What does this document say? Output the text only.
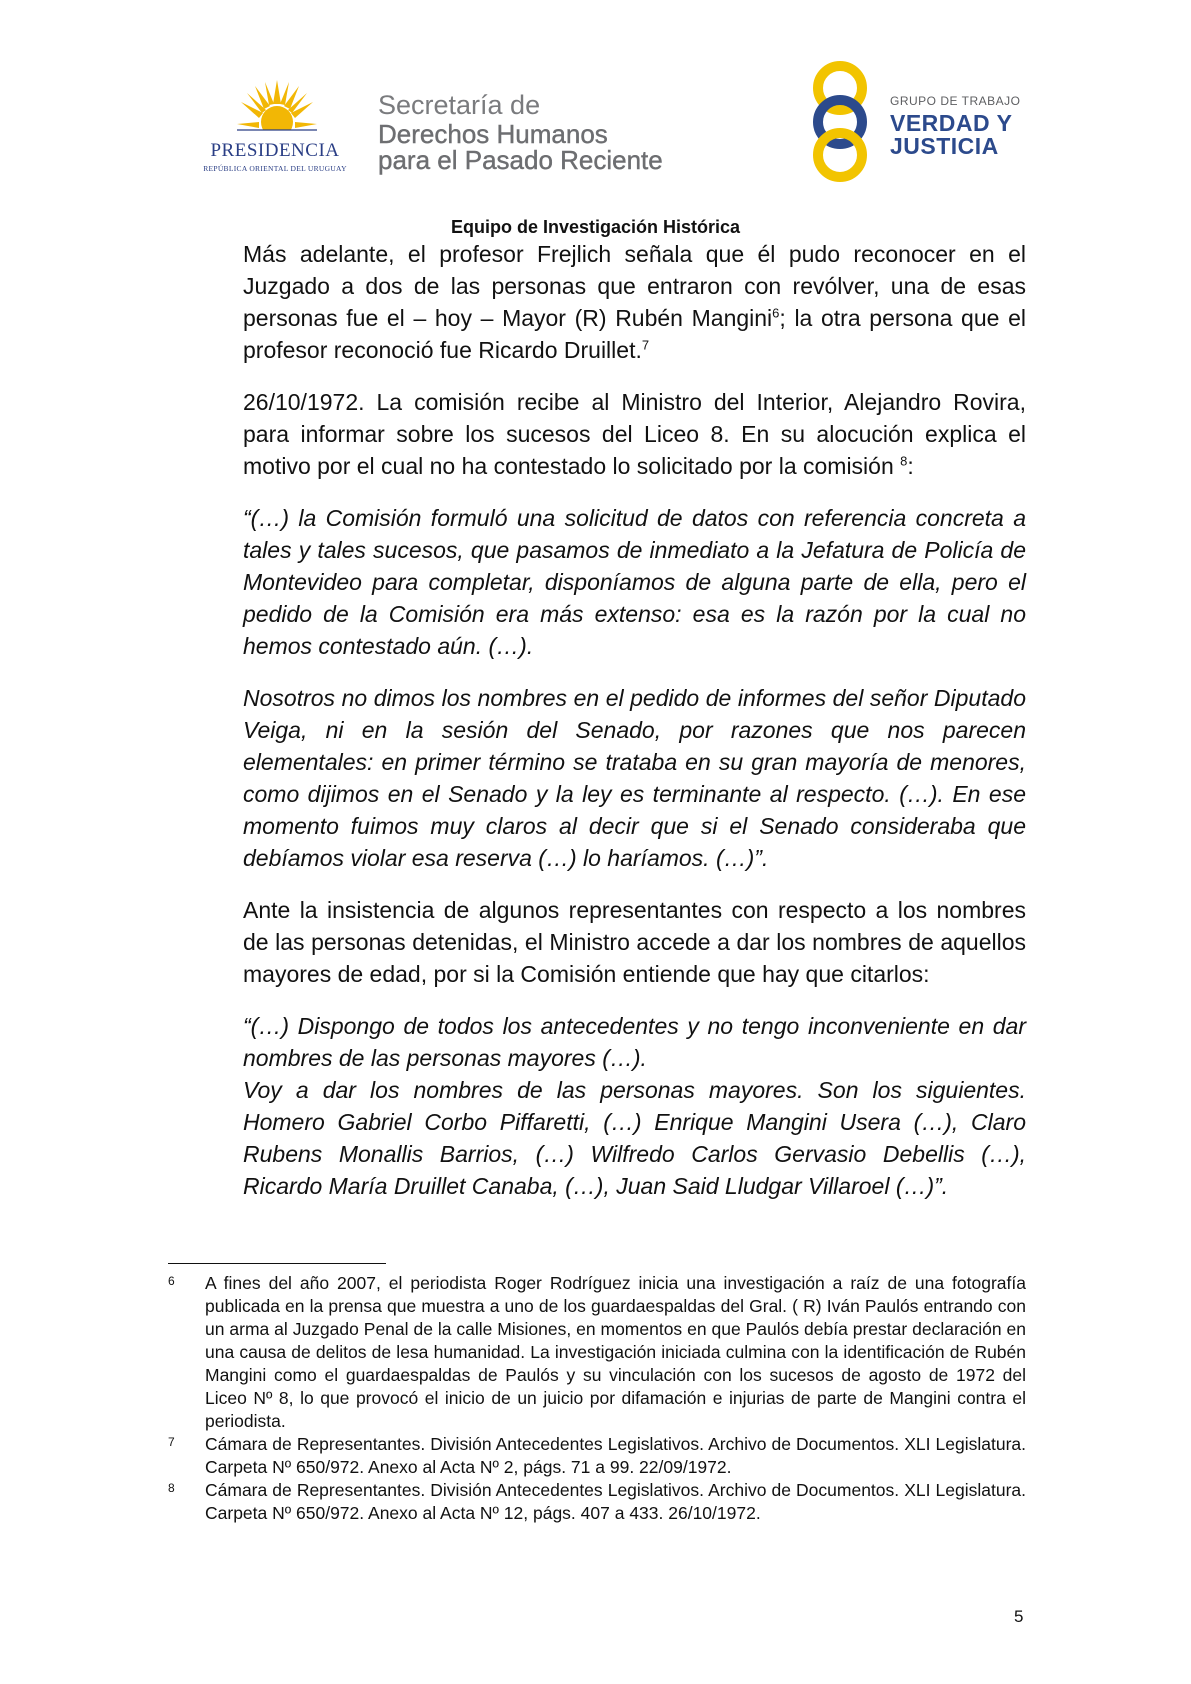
PRESIDENCIA
REPÚBLICA ORIENTAL DEL URUGUAY
Secretaría de
Derechos Humanos
para el Pasado Reciente
GRUPO DE TRABAJO
VERDAD Y
JUSTICIA
Equipo de Investigación Histórica

Más adelante, el profesor Frejlich señala que él pudo reconocer en el Juzgado a dos de las personas que entraron con revólver, una de esas personas fue el – hoy – Mayor (R) Rubén Mangini$^6$; la otra persona que el profesor reconoció fue Ricardo Druillet.$^7$

26/10/1972. La comisión recibe al Ministro del Interior, Alejandro Rovira, para informar sobre los sucesos del Liceo 8. En su alocución explica el motivo por el cual no ha contestado lo solicitado por la comisión $^8$:

“(…) la Comisión formuló una solicitud de datos con referencia concreta a tales y tales sucesos, que pasamos de inmediato a la Jefatura de Policía de Montevideo para completar, disponíamos de alguna parte de ella, pero el pedido de la Comisión era más extenso: esa es la razón por la cual no hemos contestado aún. (…).

Nosotros no dimos los nombres en el pedido de informes del señor Diputado Veiga, ni en la sesión del Senado, por razones que nos parecen elementales: en primer término se trataba en su gran mayoría de menores, como dijimos en el Senado y la ley es terminante al respecto. (…). En ese momento fuimos muy claros al decir que si el Senado consideraba que debíamos violar esa reserva (…) lo haríamos. (…)”.

Ante la insistencia de algunos representantes con respecto a los nombres de las personas detenidas, el Ministro accede a dar los nombres de aquellos mayores de edad, por si la Comisión entiende que hay que citarlos:

“(…) Dispongo de todos los antecedentes y no tengo inconveniente en dar nombres de las personas mayores (…).

Voy a dar los nombres de las personas mayores. Son los siguientes. Homero Gabriel Corbo Piffaretti, (…) Enrique Mangini Usera (…), Claro Rubens Monallis Barrios, (…) Wilfredo Carlos Gervasio Debellis (…), Ricardo María Druillet Canaba, (…), Juan Said Lludgar Villaroel (…)”.

6	A fines del año 2007, el periodista Roger Rodríguez inicia una investigación a raíz de una fotografía publicada en la prensa que muestra a uno de los guardaespaldas del Gral. ( R) Iván Paulós entrando con un arma al Juzgado Penal de la calle Misiones, en momentos en que Paulós debía prestar declaración en una causa de delitos de lesa humanidad. La investigación iniciada culmina con la identificación de Rubén Mangini como el guardaespaldas de Paulós y su vinculación con los sucesos de agosto de 1972 del Liceo Nº 8, lo que provocó el inicio de un juicio por difamación e injurias de parte de Mangini contra el periodista.
7	Cámara de Representantes. División Antecedentes Legislativos. Archivo de Documentos. XLI Legislatura. Carpeta Nº 650/972. Anexo al Acta Nº 2, págs. 71 a 99. 22/09/1972.
8	Cámara de Representantes. División Antecedentes Legislativos. Archivo de Documentos. XLI Legislatura. Carpeta Nº 650/972. Anexo al Acta Nº 12, págs. 407 a 433. 26/10/1972.
5
